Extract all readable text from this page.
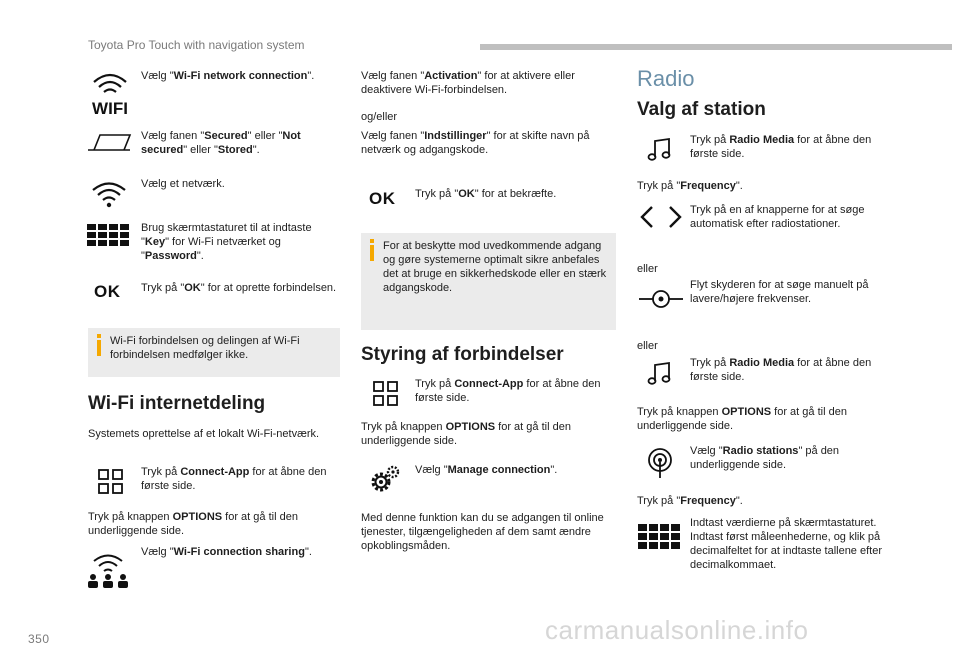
Toyota Pro Touch with navigation system
WIFI
Vælg "Wi-Fi network connection".
Vælg fanen "Secured" eller "Not secured" eller "Stored".
Vælg et netværk.
Brug skærmtastaturet til at indtaste "Key" for Wi-Fi netværket og "Password".
OK Tryk på "OK" for at oprette forbindelsen.
Wi-Fi forbindelsen og delingen af Wi-Fi forbindelsen medfølger ikke.
Wi-Fi internetdeling
Systemets oprettelse af et lokalt Wi-Fi-netværk.
Tryk på Connect-App for at åbne den første side.
Tryk på knappen OPTIONS for at gå til den underliggende side.
Vælg "Wi-Fi connection sharing".
Vælg fanen "Activation" for at aktivere eller deaktivere Wi-Fi-forbindelsen.
og/eller
Vælg fanen "Indstillinger" for at skifte navn på netværk og adgangskode.
OK Tryk på "OK" for at bekræfte.
For at beskytte mod uvedkommende adgang og gøre systemerne optimalt sikre anbefales det at bruge en sikkerhedskode eller en stærk adgangskode.
Styring af forbindelser
Tryk på Connect-App for at åbne den første side.
Tryk på knappen OPTIONS for at gå til den underliggende side.
Vælg "Manage connection".
Med denne funktion kan du se adgangen til online tjenester, tilgængeligheden af dem samt ændre opkoblingsmåden.
Radio
Valg af station
Tryk på Radio Media for at åbne den første side.
Tryk på "Frequency".
Tryk på en af knapperne for at søge automatisk efter radiostationer.
eller
Flyt skyderen for at søge manuelt på lavere/højere frekvenser.
eller
Tryk på Radio Media for at åbne den første side.
Tryk på knappen OPTIONS for at gå til den underliggende side.
Vælg "Radio stations" på den underliggende side.
Tryk på "Frequency".
Indtast værdierne på skærmtastaturet.
Indtast først måleenhederne, og klik på decimalfeltet for at indtaste tallene efter decimalkommaet.
350	carmanualsonline.info
